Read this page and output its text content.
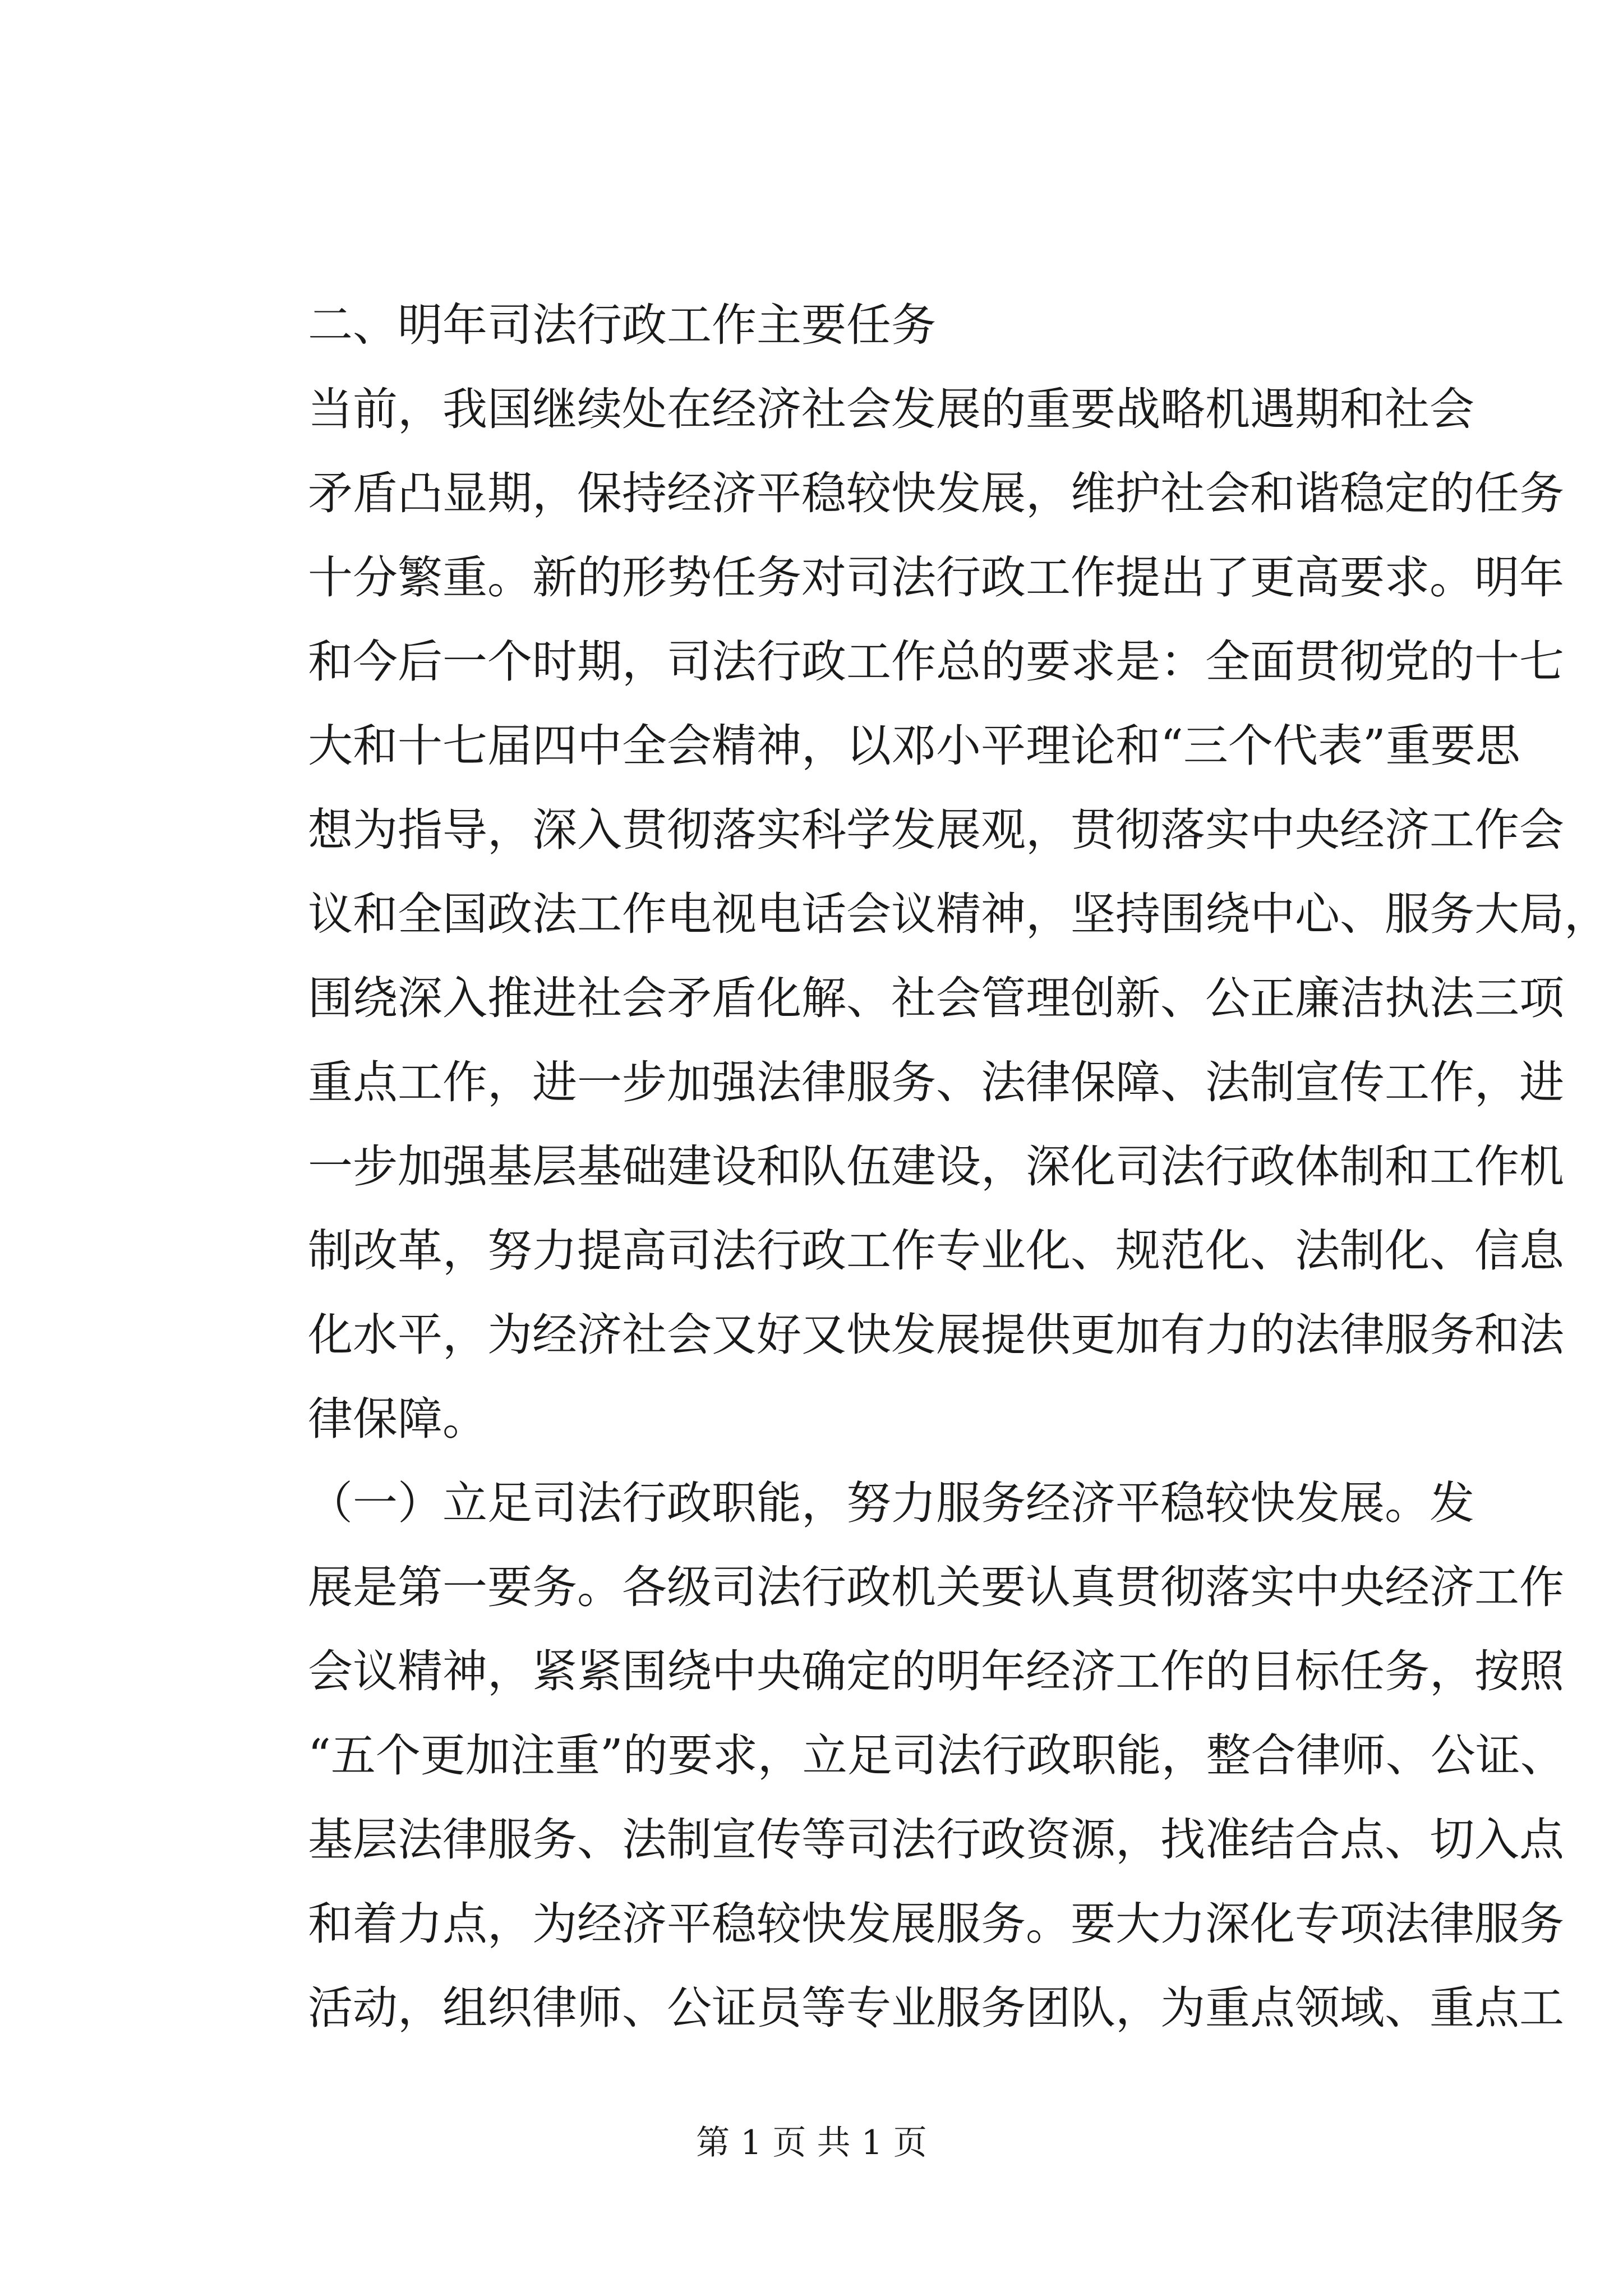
二、明年司法行政工作主要任务
当前，我国继续处在经济社会发展的重要战略机遇期和社会
矛盾凸显期，保持经济平稳较快发展，维护社会和谐稳定的任务
十分繁重。新的形势任务对司法行政工作提出了更高要求。明年
和今后一个时期，司法行政工作总的要求是：全面贯彻党的十七
大和十七届四中全会精神，以邓小平理论和“三个代表”重要思
想为指导，深入贯彻落实科学发展观，贯彻落实中央经济工作会
议和全国政法工作电视电话会议精神，坚持围绕中心、服务大局，
围绕深入推进社会矛盾化解、社会管理创新、公正廉洁执法三项
重点工作，进一步加强法律服务、法律保障、法制宣传工作，进
一步加强基层基础建设和队伍建设，深化司法行政体制和工作机
制改革，努力提高司法行政工作专业化、规范化、法制化、信息
化水平，为经济社会又好又快发展提供更加有力的法律服务和法
律保障。
（一）立足司法行政职能，努力服务经济平稳较快发展。发
展是第一要务。各级司法行政机关要认真贯彻落实中央经济工作
会议精神，紧紧围绕中央确定的明年经济工作的目标任务，按照
“五个更加注重”的要求，立足司法行政职能，整合律师、公证、
基层法律服务、法制宣传等司法行政资源，找准结合点、切入点
和着力点，为经济平稳较快发展服务。要大力深化专项法律服务
活动，组织律师、公证员等专业服务团队，为重点领域、重点工
第 1 页 共 1 页
